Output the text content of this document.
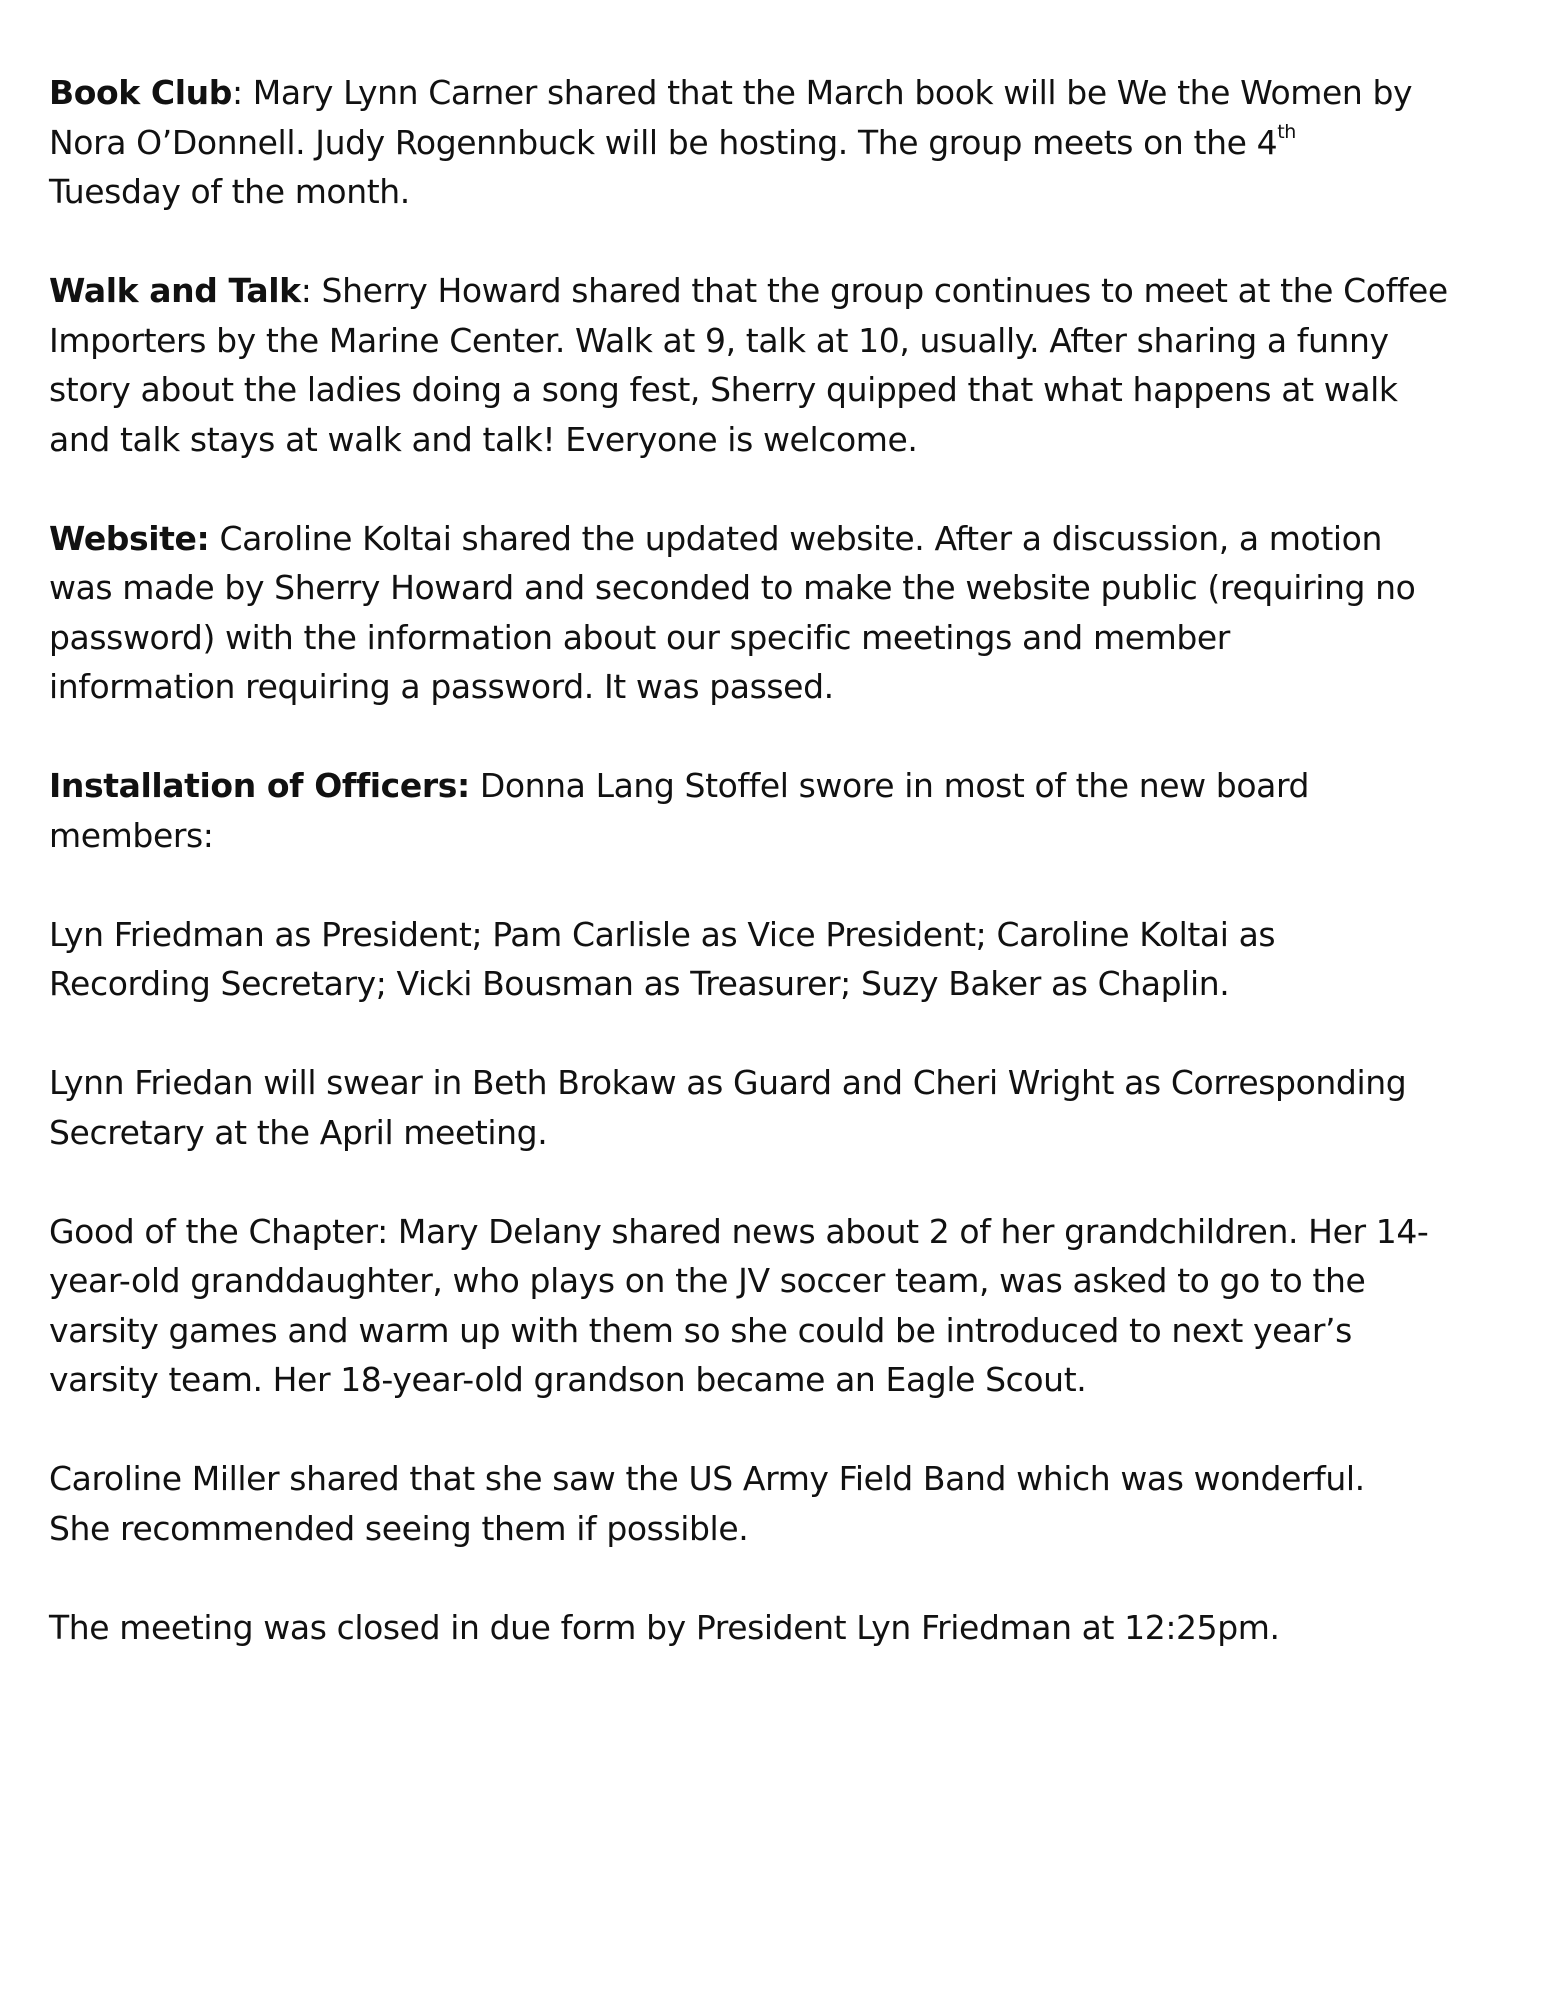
Book Club: Mary Lynn Carner shared that the March book will be We the Women by
Nora O’Donnell. Judy Rogennbuck will be hosting. The group meets on the 4th
Tuesday of the month.

Walk and Talk: Sherry Howard shared that the group continues to meet at the Coffee
Importers by the Marine Center. Walk at 9, talk at 10, usually. After sharing a funny
story about the ladies doing a song fest, Sherry quipped that what happens at walk
and talk stays at walk and talk! Everyone is welcome.

Website: Caroline Koltai shared the updated website. After a discussion, a motion
was made by Sherry Howard and seconded to make the website public (requiring no
password) with the information about our specific meetings and member
information requiring a password. It was passed.

Installation of Officers: Donna Lang Stoffel swore in most of the new board
members:

Lyn Friedman as President; Pam Carlisle as Vice President; Caroline Koltai as
Recording Secretary; Vicki Bousman as Treasurer; Suzy Baker as Chaplin.

Lynn Friedan will swear in Beth Brokaw as Guard and Cheri Wright as Corresponding
Secretary at the April meeting.

Good of the Chapter: Mary Delany shared news about 2 of her grandchildren. Her 14-
year-old granddaughter, who plays on the JV soccer team, was asked to go to the
varsity games and warm up with them so she could be introduced to next year’s
varsity team. Her 18-year-old grandson became an Eagle Scout.

Caroline Miller shared that she saw the US Army Field Band which was wonderful.
She recommended seeing them if possible.

The meeting was closed in due form by President Lyn Friedman at 12:25pm.
